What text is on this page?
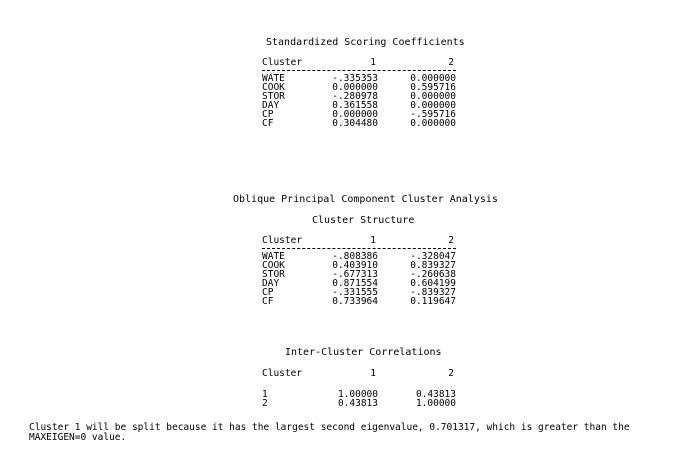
Standardized Scoring Coefficients
Cluster	1	2
WATE	-.335353	0.000000
COOK	0.000000	0.595716
STOR	-.280978	0.000000
DAY	0.361558	0.000000
CP	0.000000	-.595716
CF	0.304480	0.000000
Oblique Principal Component Cluster Analysis
Cluster Structure
Cluster	1	2
WATE	-.808386	-.328047
COOK	0.403910	0.839327
STOR	-.677313	-.260638
DAY	0.871554	0.604199
CP	-.331555	-.839327
CF	0.733964	0.119647
Inter-Cluster Correlations
Cluster	1	2
1	1.00000	0.43813
2	0.43813	1.00000
Cluster 1 will be split because it has the largest second eigenvalue, 0.701317, which is greater than the MAXEIGEN=0 value.
